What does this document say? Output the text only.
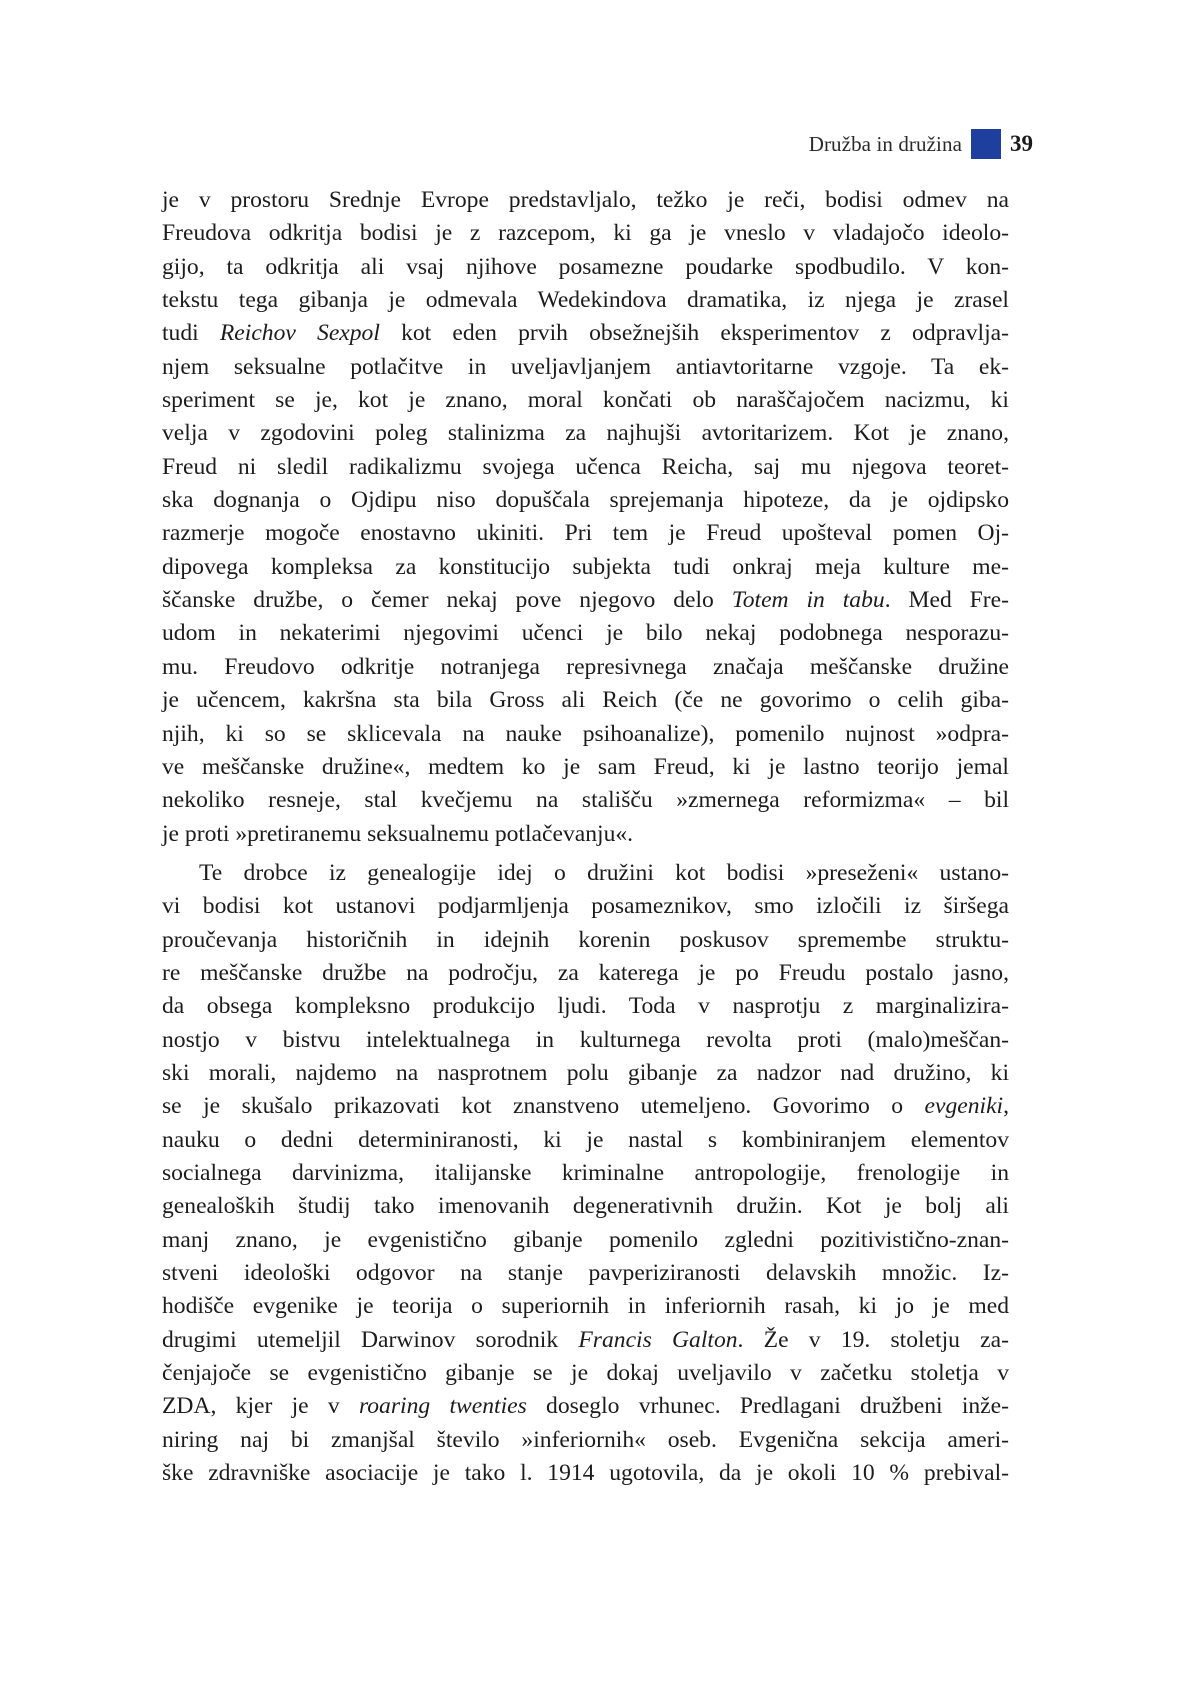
Družba in družina 39
je v prostoru Srednje Evrope predstavljalo, težko je reči, bodisi odmev na
Freudova odkritja bodisi je z razcepom, ki ga je vneslo v vladajočo ideolo-
gijo, ta odkritja ali vsaj njihove posamezne poudarke spodbudilo. V kon-
tekstu tega gibanja je odmevala Wedekindova dramatika, iz njega je zrasel
tudi Reichov Sexpol kot eden prvih obsežnejših eksperimentov z odpravlja-
njem seksualne potlačitve in uveljavljanjem antiavtoritarne vzgoje. Ta ek-
speriment se je, kot je znano, moral končati ob naraščajočem nacizmu, ki
velja v zgodovini poleg stalinizma za najhujši avtoritarizem. Kot je znano,
Freud ni sledil radikalizmu svojega učenca Reicha, saj mu njegova teoret-
ska dognanja o Ojdipu niso dopuščala sprejemanja hipoteze, da je ojdipsko
razmerje mogoče enostavno ukiniti. Pri tem je Freud upošteval pomen Oj-
dipovega kompleksa za konstitucijo subjekta tudi onkraj meja kulture me-
ščanske družbe, o čemer nekaj pove njegovo delo Totem in tabu. Med Fre-
udom in nekaterimi njegovimi učenci je bilo nekaj podobnega nesporazu-
mu. Freudovo odkritje notranjega represivnega značaja meščanske družine
je učencem, kakršna sta bila Gross ali Reich (če ne govorimo o celih giba-
njih, ki so se sklicevala na nauke psihoanalize), pomenilo nujnost »odpra-
ve meščanske družine«, medtem ko je sam Freud, ki je lastno teorijo jemal
nekoliko resneje, stal kvečjemu na stališču »zmernega reformizma« – bil
je proti »pretiranemu seksualnemu potlačevanju«.
Te drobce iz genealogije idej o družini kot bodisi »preseženi« ustano-
vi bodisi kot ustanovi podjarmljenja posameznikov, smo izločili iz širšega
proučevanja historičnih in idejnih korenin poskusov spremembe struktu-
re meščanske družbe na področju, za katerega je po Freudu postalo jasno,
da obsega kompleksno produkcijo ljudi. Toda v nasprotju z marginalizira-
nostjo v bistvu intelektualnega in kulturnega revolta proti (malo)meščan-
ski morali, najdemo na nasprotnem polu gibanje za nadzor nad družino, ki
se je skušalo prikazovati kot znanstveno utemeljeno. Govorimo o evgeniki,
nauku o dedni determiniranosti, ki je nastal s kombiniranjem elementov
socialnega darvinizma, italijanske kriminalne antropologije, frenologije in
genealoških študij tako imenovanih degenerativnih družin. Kot je bolj ali
manj znano, je evgenistično gibanje pomenilo zgledni pozitivistično-znan-
stveni ideološki odgovor na stanje pavperiziranosti delavskih množic. Iz-
hodišče evgenike je teorija o superiornih in inferiornih rasah, ki jo je med
drugimi utemeljil Darwinov sorodnik Francis Galton. Že v 19. stoletju za-
čenjajoče se evgenistično gibanje se je dokaj uveljavilo v začetku stoletja v
ZDA, kjer je v roaring twenties doseglo vrhunec. Predlagani družbeni inže-
niring naj bi zmanjšal število »inferiornih« oseb. Evgenična sekcija ameri-
ške zdravniške asociacije je tako l. 1914 ugotovila, da je okoli 10 % prebival-
